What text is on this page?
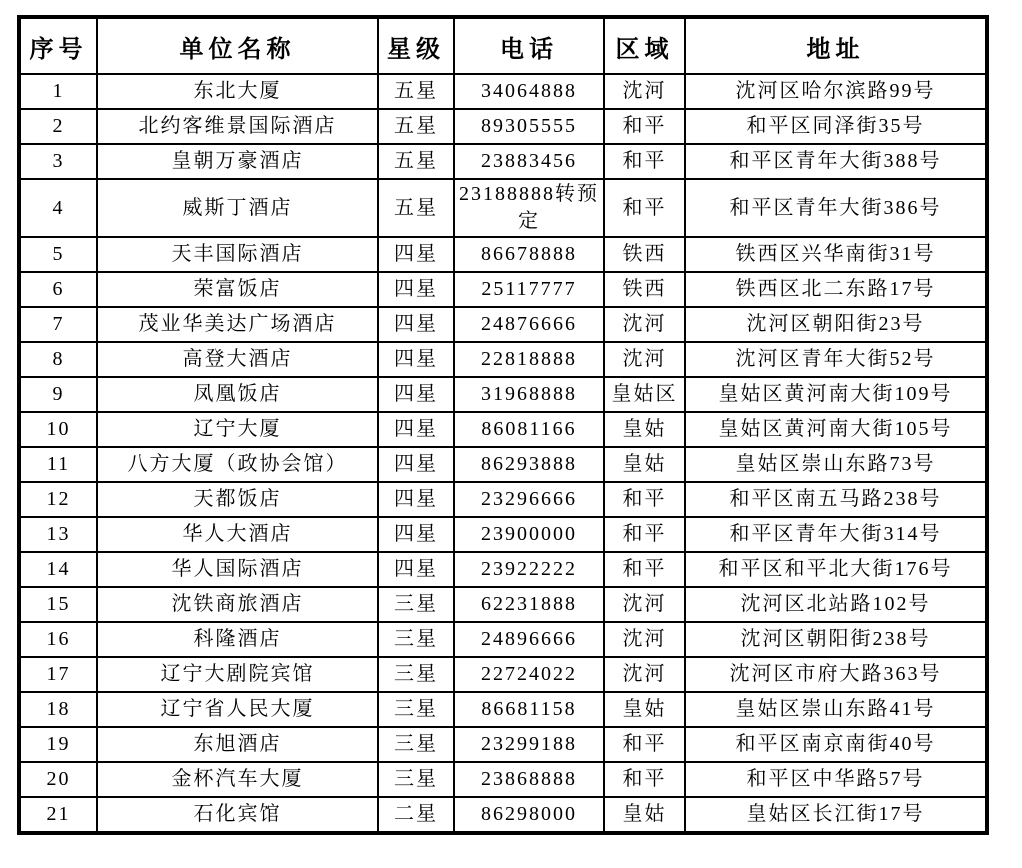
序号	单位名称	星级	电话	区域	地址
1	东北大厦	五星	34064888	沈河	沈河区哈尔滨路99号
2	北约客维景国际酒店	五星	89305555	和平	和平区同泽街35号
3	皇朝万豪酒店	五星	23883456	和平	和平区青年大街388号
4	威斯丁酒店	五星	23188888转预定	和平	和平区青年大街386号
5	天丰国际酒店	四星	86678888	铁西	铁西区兴华南街31号
6	荣富饭店	四星	25117777	铁西	铁西区北二东路17号
7	茂业华美达广场酒店	四星	24876666	沈河	沈河区朝阳街23号
8	高登大酒店	四星	22818888	沈河	沈河区青年大街52号
9	凤凰饭店	四星	31968888	皇姑区	皇姑区黄河南大街109号
10	辽宁大厦	四星	86081166	皇姑	皇姑区黄河南大街105号
11	八方大厦（政协会馆）	四星	86293888	皇姑	皇姑区崇山东路73号
12	天都饭店	四星	23296666	和平	和平区南五马路238号
13	华人大酒店	四星	23900000	和平	和平区青年大街314号
14	华人国际酒店	四星	23922222	和平	和平区和平北大街176号
15	沈铁商旅酒店	三星	62231888	沈河	沈河区北站路102号
16	科隆酒店	三星	24896666	沈河	沈河区朝阳街238号
17	辽宁大剧院宾馆	三星	22724022	沈河	沈河区市府大路363号
18	辽宁省人民大厦	三星	86681158	皇姑	皇姑区崇山东路41号
19	东旭酒店	三星	23299188	和平	和平区南京南街40号
20	金杯汽车大厦	三星	23868888	和平	和平区中华路57号
21	石化宾馆	二星	86298000	皇姑	皇姑区长江街17号
